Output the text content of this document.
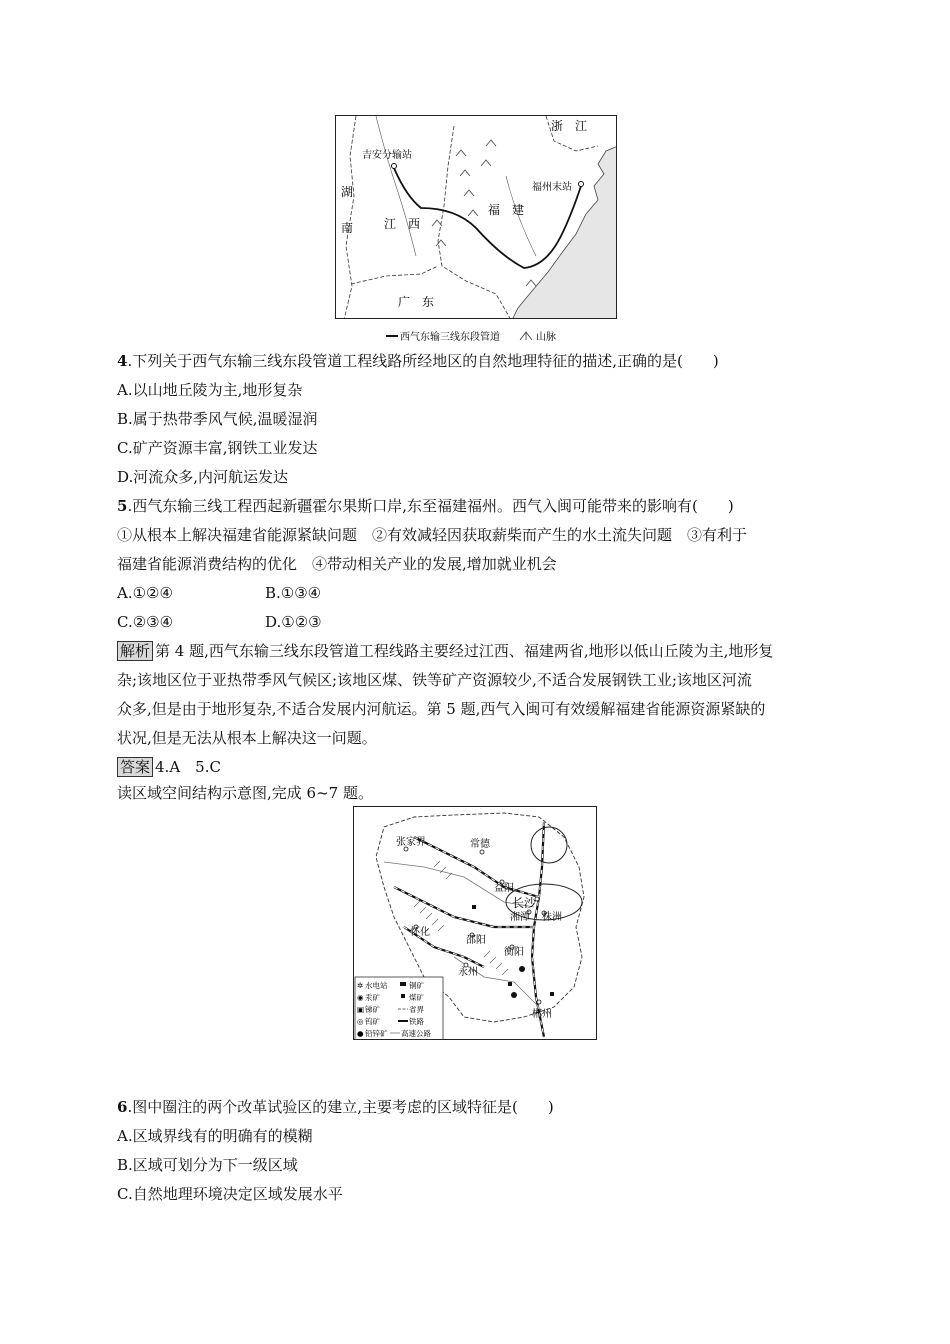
浙　江
湖
南	江　西
福　建
广　东
吉安分输站
福州末站
西气东输三线东段管道	山脉
4.下列关于西气东输三线东段管道工程线路所经地区的自然地理特征的描述,正确的是(　　)
A.以山地丘陵为主,地形复杂
B.属于热带季风气候,温暖湿润
C.矿产资源丰富,钢铁工业发达
D.河流众多,内河航运发达
5.西气东输三线工程西起新疆霍尔果斯口岸,东至福建福州。西气入闽可能带来的影响有(　　)
①从根本上解决福建省能源紧缺问题　②有效减轻因获取薪柴而产生的水土流失问题　③有利于
福建省能源消费结构的优化　④带动相关产业的发展,增加就业机会
A.①②④	B.①③④
C.②③④	D.①②③
解析 第 4 题,西气东输三线东段管道工程线路主要经过江西、福建两省,地形以低山丘陵为主,地形复
杂;该地区位于亚热带季风气候区;该地区煤、铁等矿产资源较少,不适合发展钢铁工业;该地区河流
众多,但是由于地形复杂,不适合发展内河航运。第 5 题,西气入闽可有效缓解福建省能源资源紧缺的
状况,但是无法从根本上解决这一问题。
答案 4.A　5.C
读区域空间结构示意图,完成 6~7 题。
张家界	常德
益阳
长沙
湘潭 株洲
怀化
邵阳
衡阳
永州
郴州
✲ 水电站
◉ 汞矿
▣ 锑矿
◎ 钨矿
● 铅锌矿
铜矿
煤矿
省界
铁路
高速公路
6.图中圈注的两个改革试验区的建立,主要考虑的区域特征是(　　)
A.区域界线有的明确有的模糊
B.区域可划分为下一级区域
C.自然地理环境决定区域发展水平
